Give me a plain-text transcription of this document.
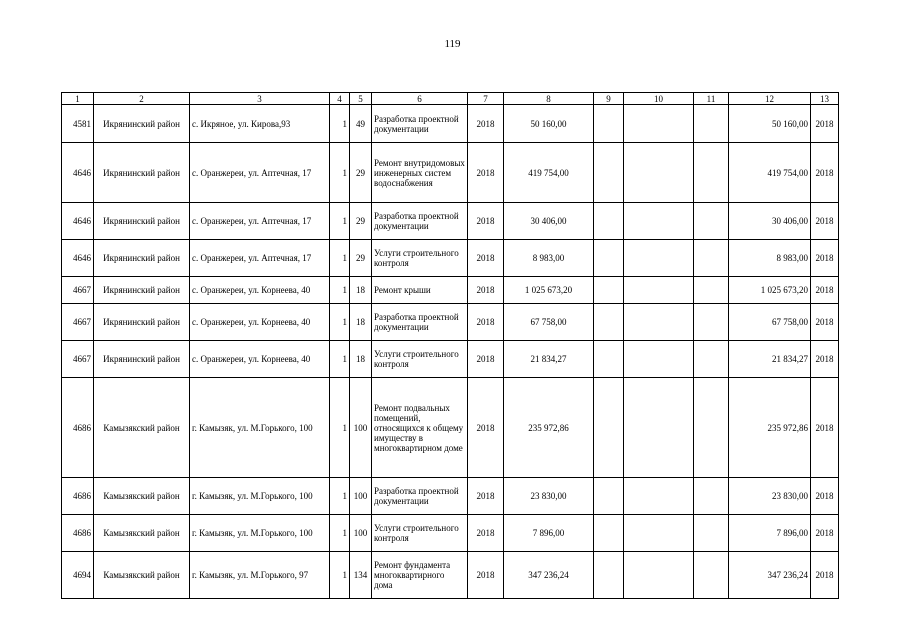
119
1	2	3	4	5	6	7	8	9	10	11	12	13
4581	Икрянинский район	с. Икряное, ул. Кирова,93	1	49	Разработка проектной документации	2018	50 160,00				50 160,00	2018
4646	Икрянинский район	с. Оранжереи, ул. Аптечная, 17	1	29	Ремонт внутридомовых инженерных систем водоснабжения	2018	419 754,00				419 754,00	2018
4646	Икрянинский район	с. Оранжереи, ул. Аптечная, 17	1	29	Разработка проектной документации	2018	30 406,00				30 406,00	2018
4646	Икрянинский район	с. Оранжереи, ул. Аптечная, 17	1	29	Услуги строительного контроля	2018	8 983,00				8 983,00	2018
4667	Икрянинский район	с. Оранжереи, ул. Корнеева, 40	1	18	Ремонт крыши	2018	1 025 673,20				1 025 673,20	2018
4667	Икрянинский район	с. Оранжереи, ул. Корнеева, 40	1	18	Разработка проектной документации	2018	67 758,00				67 758,00	2018
4667	Икрянинский район	с. Оранжереи, ул. Корнеева, 40	1	18	Услуги строительного контроля	2018	21 834,27				21 834,27	2018
4686	Камызякский район	г. Камызяк, ул. М.Горького, 100	1	100	Ремонт подвальных помещений, относящихся к общему имуществу в многоквартирном доме	2018	235 972,86				235 972,86	2018
4686	Камызякский район	г. Камызяк, ул. М.Горького, 100	1	100	Разработка проектной документации	2018	23 830,00				23 830,00	2018
4686	Камызякский район	г. Камызяк, ул. М.Горького, 100	1	100	Услуги строительного контроля	2018	7 896,00				7 896,00	2018
4694	Камызякский район	г. Камызяк, ул. М.Горького, 97	1	134	Ремонт фундамента многоквартирного дома	2018	347 236,24				347 236,24	2018
